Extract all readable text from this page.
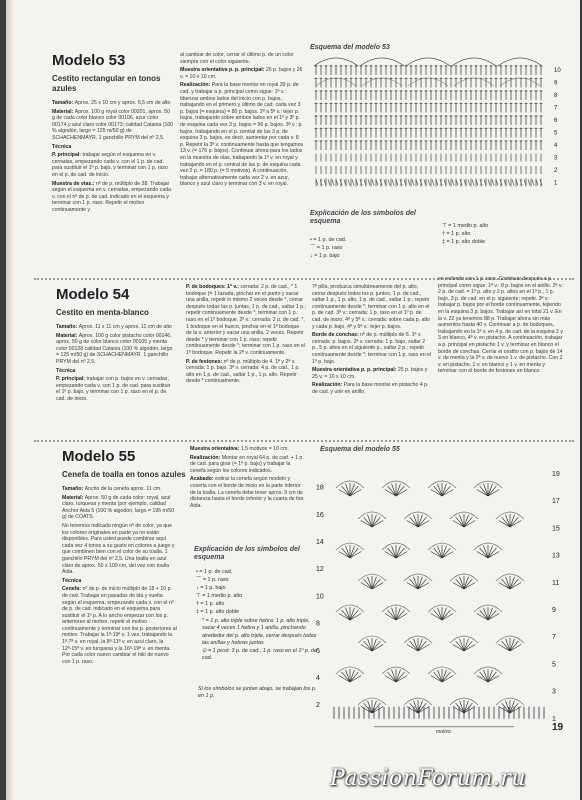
Modelo 53
Cestito rectangular en tonos azules
Tamaño: Aprox. 25 x 10 cm y aprox. 6,5 cm de alto
Material: Aprox. 100 g royal color 00201, aprox. 50 g de cada color blanco color 00106, azur color 00174 y azul claro color 00173; calidad Catania (100 % algodón, largo = 125 m/50 g) de SCHACHENMAYR. 1 ganchillo PRYM del nº 2,5.
Técnica
P. principal: trabajar según el esquema en v. cerradas, empezando cada v. con el 1 p. de cad. para sustituir el 1º p. bajo, y terminar con 1 p. raso en el p. de cad. de inicio.
Muestra de vtas.: nº de p. múltiplo de 38. Trabajar según el esquema en v. cerradas, empezando cada v. con el nº de p. de cad. indicado en el esquema y terminar con 1 p. raso. Repetir el motivo continuamente y
al cambiar de color, cerrar el último p. de un color siempre con el color siguiente.
Muestra orientativa p. p. principal: 26 p. bajos y 26 v. = 10 x 10 cm.
Realización: Para la base montar en royal 39 p. de cad. y trabajar a p. principal como sigue: 1ª v.: tiberizar ambos lados del inicio con p. bajos, trabajando en el primero y último de cad. cada vez 3 p. bajos (= esquina) = 80 p. bajos. 2ª a 5ª v.: tejer p. bajos, trabajando sobre ambos lados en el 1º y 3º p. de esquina cada vez 3 p. bajos = 96 p. bajos. 3ª v.: p. bajos, trabajando en el p. central de las 3 p. de esquina 3 p. bajos, es decir, aumentar por cada v. 8 p. Repetir la 3ª v. continuamente hasta que tengamos 13 v. (= 176 p. bajos). Continuar ahora para los lados en la muestra de olas, trabajando la 1ª v. en royal y trabajando en el p. central de las p. de esquina cada vez 2 p. = 180 p. (= 5 motivos). A continuación, trabajar alternativamente cada vez 2 v. en azur, blanco y azul claro y terminar con 3 v. en royal.
Esquema del modelo 53
10
9
8
7
6
5
4
3
2
1
Explicación de los símbolos del esquema
• = 1 p. de cad.
⌒ = 1 p. raso
↓ = 1 p. bajo
⊤ = 1 medio p. alto
† = 1 p. alto
‡ = 1 p. alto doble
Modelo 54
Cestito en menta-blanco
Tamaño: Aprox. 11 x 11 cm y aprox. 11 cm de alto
Material: Aprox. 100 g color pistacho color 00146, aprox. 50 g de color blanco color 00105 y menta color 00128 calidad Catania (100 % algodón, largo = 125 m/50 g) de SCHACHENMAYR. 1 ganchillo PRYM del nº 2,5.
Técnica
P. principal: trabajar con p. bajos en v. cerradas, empezando cada v. con 1 p. de cad. para sustituir el 1º p. bajo, y terminar con 1 p. raso en el p. de cad. de inicio.
P. de bodoques: 1ª v.: cerrada: 2 p. de cad., * 1 bodoque (= 1 lazada, pinchar en el punto y sacar una anilla, repetir lo mismo 2 veces desde *, cerrar después todas las p. juntas, 1 p. de cad., saltar 1 p.; repetir continuamente desde *; terminar con 1 p. raso en el 1º bodoque. 2ª v.: cerrada: 2 p. de cad. *, 1 bodoque en el hueco, pinchar en el 1º bodoque de la v. anterior y sacar una anilla, 2 veces. Repetir desde * y terminar con 1 p. raso; repetir continuamente desde *; terminar con 1 p. raso en el 1º bodoque. Repetir la 2ª v. continuamente.
P. de festones: nº de p. múltiplo de 4. 1ª y 2ª v. cerrada: 1 p. bajo. 3ª v. cerrada: 4 p. de cad., 1 p. alto en 1 p. de cad., saltar 1 p., 1 p. alto. Repetir desde * continuamente.
7ª pilla, produzca simultáneamente del p. alto, cerrar después todos los p. juntos, 1 p. de cad., saltar 1 p., 1 p. alto, 1 p. de cad., saltar 1 p.; repetir continuamente desde *; terminar con 1 p. alto en el p. de cad. 3ª v.: cerrada: 1 p. raso en el 1º p. de cad. de inicio, 4ª y 5ª v.: cerrada: sobre cada p. alto y cada p. bajo, 4ª y 5ª v.: tejer p. bajos.
Borde de conchas: nº de p. múltiplo de 6. 1ª v. cerrada: p. bajos. 2ª v. cerrada: 1 p. bajo, saltar 2 p., 5 p. altos en el siguiente p., saltar 2 p.; repetir continuamente desde *; terminar con 1 p. raso en el 1º p. bajo.
Muestra orientativa p. p. principal: 25 p. bajos y 25 v. = 10 x 10 cm.
Realización: Para la base montar en pistacho 4 p. de cad. y unir en anillo.
en redondo con 1 p. raso. Continuar después a p. principal como sigue: 1ª v.: 8 p. bajos en el anillo. 2ª v.: 2 p. de cad. = 1º p. alto y 2 p. altos en el 1º p., 1 p. bajo, 3 p. de cad. en el p. siguiente; repetir. 3ª v.: trabajar p. bajos por el borde continuamente, tejiendo en la esquina 3 p. bajos. Trabajar así en total 21 v. En la v. 22 ya tenemos 88 p. Trabajar ahora sin más aumentos hasta 40 v. Continuar a p. de bodoques, trabajando en la 1ª v. en 4 p. de cad. de la esquina 2 y 3 en blanco, 4ª v. en pistacho. A continuación, trabajar a p. principal en pistacho 1 v. y terminar en blanco el borde de conchas. Cerrar el cestito con p. bajos de 14 v. de menta y la 2ª v. de nuevo 1 v. de pistacho. Con 2 v. en pistacho, 1 v. en blanco y 1 v. en menta y terminar con el borde de festones en blanco.
Modelo 55
Cenefa de toalla en tonos azules
Tamaño: Ancho de la cenefa aprox. 11 cm.
Material: Aprox. 50 g de cada color: royal, azul claro, turquesa y menta (por ejemplo, calidad Anchor Aida 5 (100 % algodón, largo = 195 m/50 g) de COATS.
No tenemos indicado ningún nº de color, ya que los colores originales en parte ya no están disponibles. Para usted puede combinar aquí cada vez 4 tonos a su gusto en colores a juego y que combinen bien con el color de su toalla. 1 ganchillo PRYM del nº 2,5. Una toalla en azul claro de aprox. 50 x 100 cm, del vez con toalla Aida.
Técnica
Cenefa: nº de p. de inicio múltiplo de 18 + 10 p. de cad. Trabajar en pasadas de ida y vuelta según el esquema, empezando cada v. con el nº de p. de cad. indicado en el esquema para sustituir el 1º p. A lo ancho empezar con los p. anteriores al motivo, repetir el motivo continuamente y terminar con los p. posteriores al motivo. Trabajar la 1ª-19ª v. 1 vez, trabajando la 1ª-7ª v. en royal, la 8ª-11ª v. en azul claro, la 12ª-15ª v. en turquesa y la 16ª-19ª v. en menta. Por cada color nuevo cambiar el hilo de nuevo con 1 p. raso.
Muestra orientativa: 1,5 motivos = 10 cm.
Realización: Montar en royal 64 p. de cad. + 1 p. de cad. para girar (= 1º p. bajo) y trabajar la cenefa según los colores indicados.
Acabado: estirar la cenefa según modelo y coserla con el borde de inicio en la parte inferior de la toalla. La cenefa debe tener aprox. 9 cm de distancia hasta el borde inferior y la cuarta de tira Aida.
Explicación de los símbolos del esquema
• = 1 p. de cad.
⌒ = 1 p. raso
↓ = 1 p. bajo
⊤ = 1 medio p. alto
† = 1 p. alto
‡ = 1 p. alto doble
* = 1 p. alto triple sobre hebra: 1 p. alto triple, sacar 4 veces 1 hebra y 1 anilla, pinchando alrededor del p. alto triple, cerrar después todas las anillas y hebras juntas
⊙ = 1 picot: 3 p. de cad., 1 p. raso en el 1º p. de cad.
Si los símbolos se juntan abajo, se trabajan los p. en 1 p.
Esquema del modelo 55
19
17
15
13
11
9
7
5
3
1
18
16
14
12
10
8
6
4
2
motivo	19
PassionForum.ru
